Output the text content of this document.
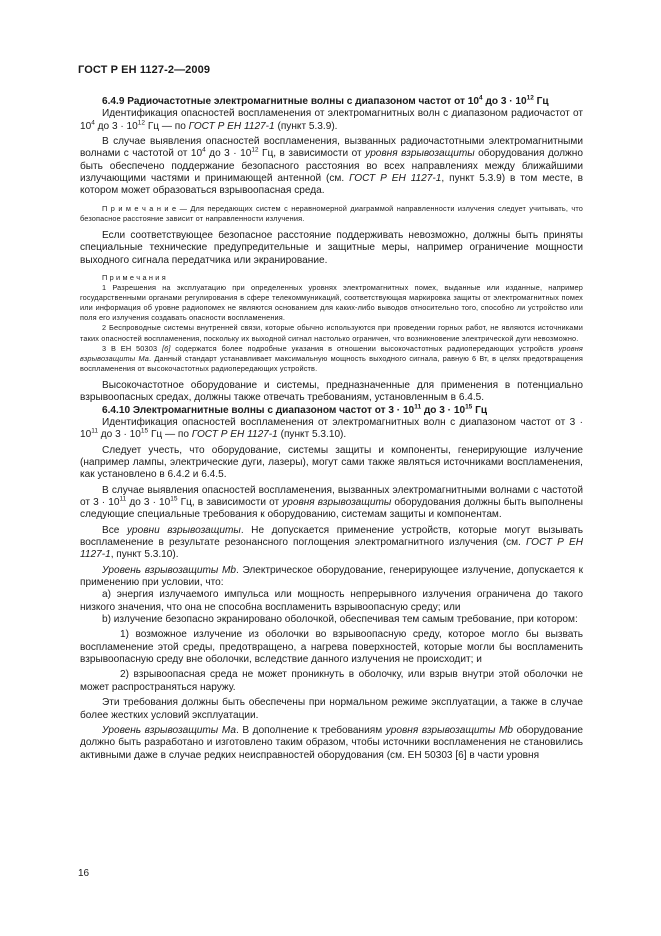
ГОСТ Р ЕН 1127-2—2009

6.4.9 Радиочастотные электромагнитные волны с диапазоном частот от $10^4$ до $3 \cdot 10^{12}$ Гц

Идентификация опасностей воспламенения от электромагнитных волн с диапазоном радиочастот от $10^4$ до $3 \cdot 10^{12}$ Гц — по ГОСТ Р ЕН 1127-1 (пункт 5.3.9).

В случае выявления опасностей воспламенения, вызванных радиочастотными электромагнитными волнами с частотой от $10^4$ до $3 \cdot 10^{12}$ Гц, в зависимости от уровня взрывозащиты оборудования должно быть обеспечено поддержание безопасного расстояния во всех направлениях между ближайшими излучающими частями и принимающей антенной (см. ГОСТ Р ЕН 1127-1, пункт 5.3.9) в том месте, в котором может образоваться взрывоопасная среда.

П р и м е ч а н и е — Для передающих систем с неравномерной диаграммой направленности излучения следует учитывать, что безопасное расстояние зависит от направленности излучения.

Если соответствующее безопасное расстояние поддерживать невозможно, должны быть приняты специальные технические предупредительные и защитные меры, например ограничение мощности выходного сигнала передатчика или экранирование.

П р и м е ч а н и я

1 Разрешения на эксплуатацию при определенных уровнях электромагнитных помех, выданные или изданные, например государственными органами регулирования в сфере телекоммуникаций, соответствующая маркировка защиты от электромагнитных помех или информация об уровне радиопомех не являются основанием для каких-либо выводов относительно того, способно ли устройство или поля его излучения создавать опасности воспламенения.

2 Беспроводные системы внутренней связи, которые обычно используются при проведении горных работ, не являются источниками таких опасностей воспламенения, поскольку их выходной сигнал настолько ограничен, что возникновение электрической дуги невозможно.

3 В ЕН 50303 [6] содержатся более подробные указания в отношении высокочастотных радиопередающих устройств уровня взрывозащиты Ма. Данный стандарт устанавливает максимальную мощность выходного сигнала, равную 6 Вт, в целях предотвращения воспламенения от высокочастотных радиопередающих устройств.

Высокочастотное оборудование и системы, предназначенные для применения в потенциально взрывоопасных средах, должны также отвечать требованиям, установленным в 6.4.5.

6.4.10 Электромагнитные волны с диапазоном частот от $3 \cdot 10^{11}$ до $3 \cdot 10^{15}$ Гц

Идентификация опасностей воспламенения от электромагнитных волн с диапазоном частот от $3 \cdot 10^{11}$ до $3 \cdot 10^{15}$ Гц — по ГОСТ Р ЕН 1127-1 (пункт 5.3.10).

Следует учесть, что оборудование, системы защиты и компоненты, генерирующие излучение (например лампы, электрические дуги, лазеры), могут сами также являться источниками воспламенения, как установлено в 6.4.2 и 6.4.5.

В случае выявления опасностей воспламенения, вызванных электромагнитными волнами с частотой от $3 \cdot 10^{11}$ до $3 \cdot 10^{15}$ Гц, в зависимости от уровня взрывозащиты оборудования должны быть выполнены следующие специальные требования к оборудованию, системам защиты и компонентам.

Все уровни взрывозащиты. Не допускается применение устройств, которые могут вызывать воспламенение в результате резонансного поглощения электромагнитного излучения (см. ГОСТ Р ЕН 1127-1, пункт 5.3.10).

Уровень взрывозащиты Mb. Электрическое оборудование, генерирующее излучение, допускается к применению при условии, что:

a) энергия излучаемого импульса или мощность непрерывного излучения ограничена до такого низкого значения, что она не способна воспламенить взрывоопасную среду; или

b) излучение безопасно экранировано оболочкой, обеспечивая тем самым требование, при котором:

1) возможное излучение из оболочки во взрывоопасную среду, которое могло бы вызвать воспламенение этой среды, предотвращено, а нагрева поверхностей, которые могли бы воспламенить взрывоопасную среду вне оболочки, вследствие данного излучения не происходит; и

2) взрывоопасная среда не может проникнуть в оболочку, или взрыв внутри этой оболочки не может распространяться наружу.

Эти требования должны быть обеспечены при нормальном режиме эксплуатации, а также в случае более жестких условий эксплуатации.

Уровень взрывозащиты Ма. В дополнение к требованиям уровня взрывозащиты Mb оборудование должно быть разработано и изготовлено таким образом, чтобы источники воспламенения не становились активными даже в случае редких неисправностей оборудования (см. ЕН 50303 [6] в части уровня

16
